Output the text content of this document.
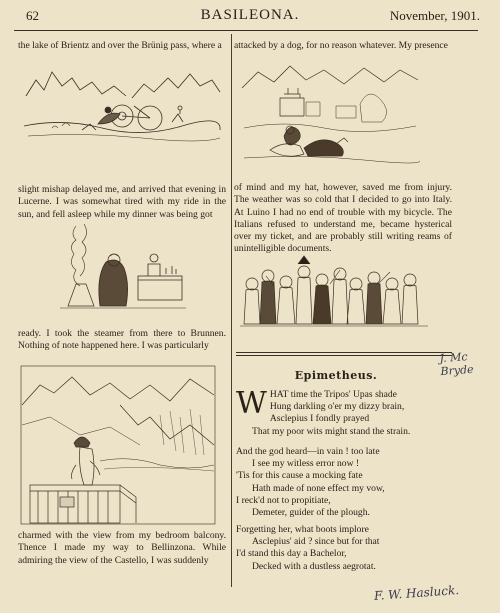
62	BASILEONA.	November, 1901.

the lake of Brientz and over the Brünig pass, where a

slight mishap delayed me, and arrived that evening in Lucerne. I was somewhat tired with my ride in the sun, and fell asleep while my dinner was being got

ready. I took the steamer from there to Brunnen. Nothing of note happened here. I was particularly

charmed with the view from my bedroom balcony. Thence I made my way to Bellinzona. While admiring the view of the Castello, I was suddenly

attacked by a dog, for no reason whatever. My presence

of mind and my hat, however, saved me from injury. The weather was so cold that I decided to go into Italy. At Luino I had no end of trouble with my bicycle. The Italians refused to understand me, became hysterical over my ticket, and are probably still writing reams of unintelligible documents.

J. Mc Bryde
Epimetheus.
W HAT time the Tripos' Upas shade
Hung darkling o'er my dizzy brain,
Asclepius I fondly prayed
That my poor wits might stand the strain.
And the god heard—in vain ! too late
I see my witless error now !
'Tis for this cause a mocking fate
Hath made of none effect my vow,
I reck'd not to propitiate,
Demeter, guider of the plough.
Forgetting her, what boots implore
Asclepius' aid ? since but for that
I'd stand this day a Bachelor,
Decked with a dustless aegrotat.
F. W. Hasluck.
